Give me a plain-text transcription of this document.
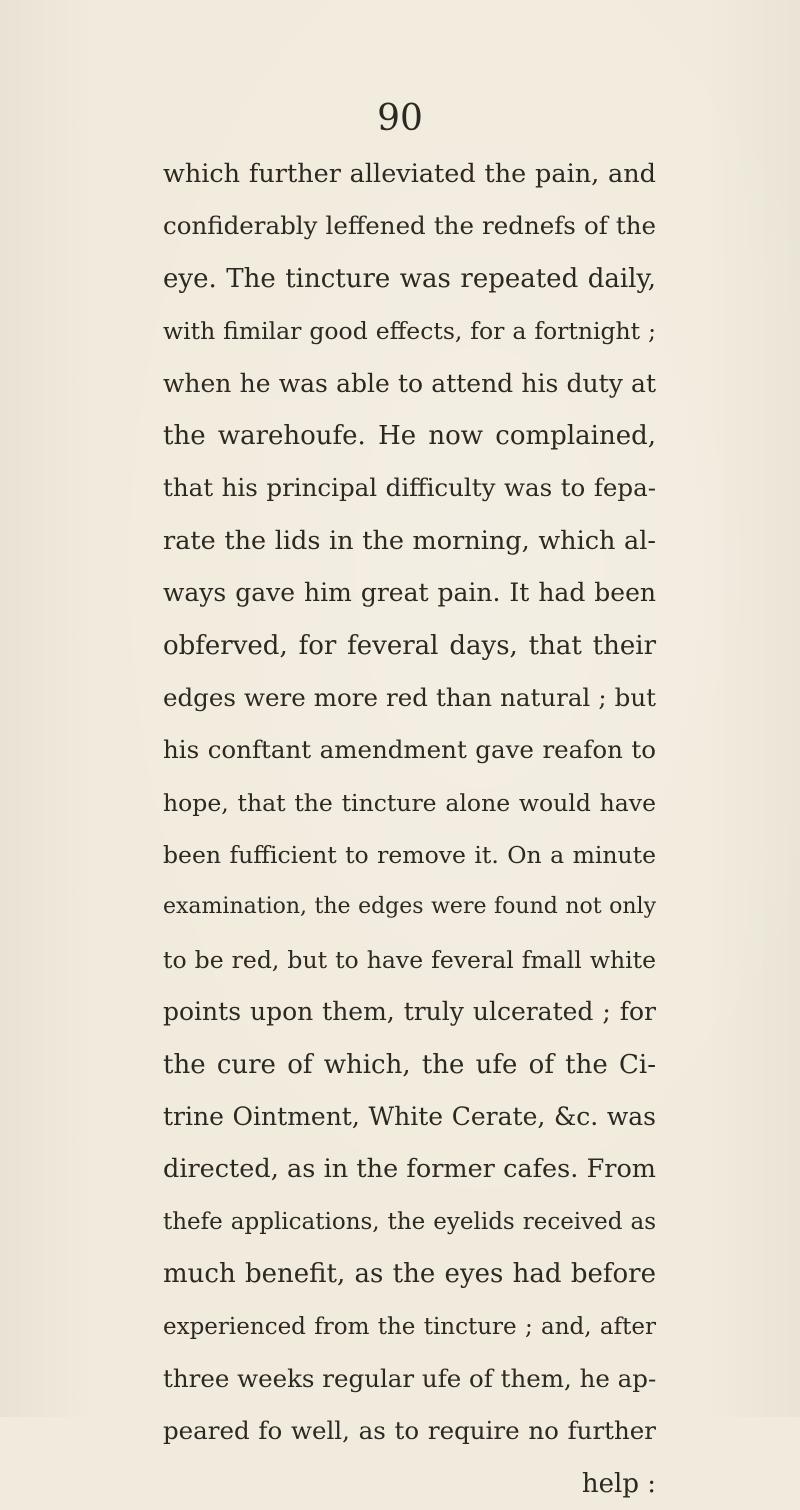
90

which further alleviated the pain, and
confiderably leffened the rednefs of the
eye. The tincture was repeated daily,
with fimilar good effects, for a fortnight ;
when he was able to attend his duty at
the warehoufe. He now complained,
that his principal difficulty was to fepa-
rate the lids in the morning, which al-
ways gave him great pain. It had been
obferved, for feveral days, that their
edges were more red than natural ; but
his conftant amendment gave reafon to
hope, that the tincture alone would have
been fufficient to remove it. On a minute
examination, the edges were found not only
to be red, but to have feveral fmall white
points upon them, truly ulcerated ; for
the cure of which, the ufe of the Ci-
trine Ointment, White Cerate, &c. was
directed, as in the former cafes. From
thefe applications, the eyelids received as
much benefit, as the eyes had before
experienced from the tincture ; and, after
three weeks regular ufe of them, he ap-
peared fo well, as to require no further
help :
